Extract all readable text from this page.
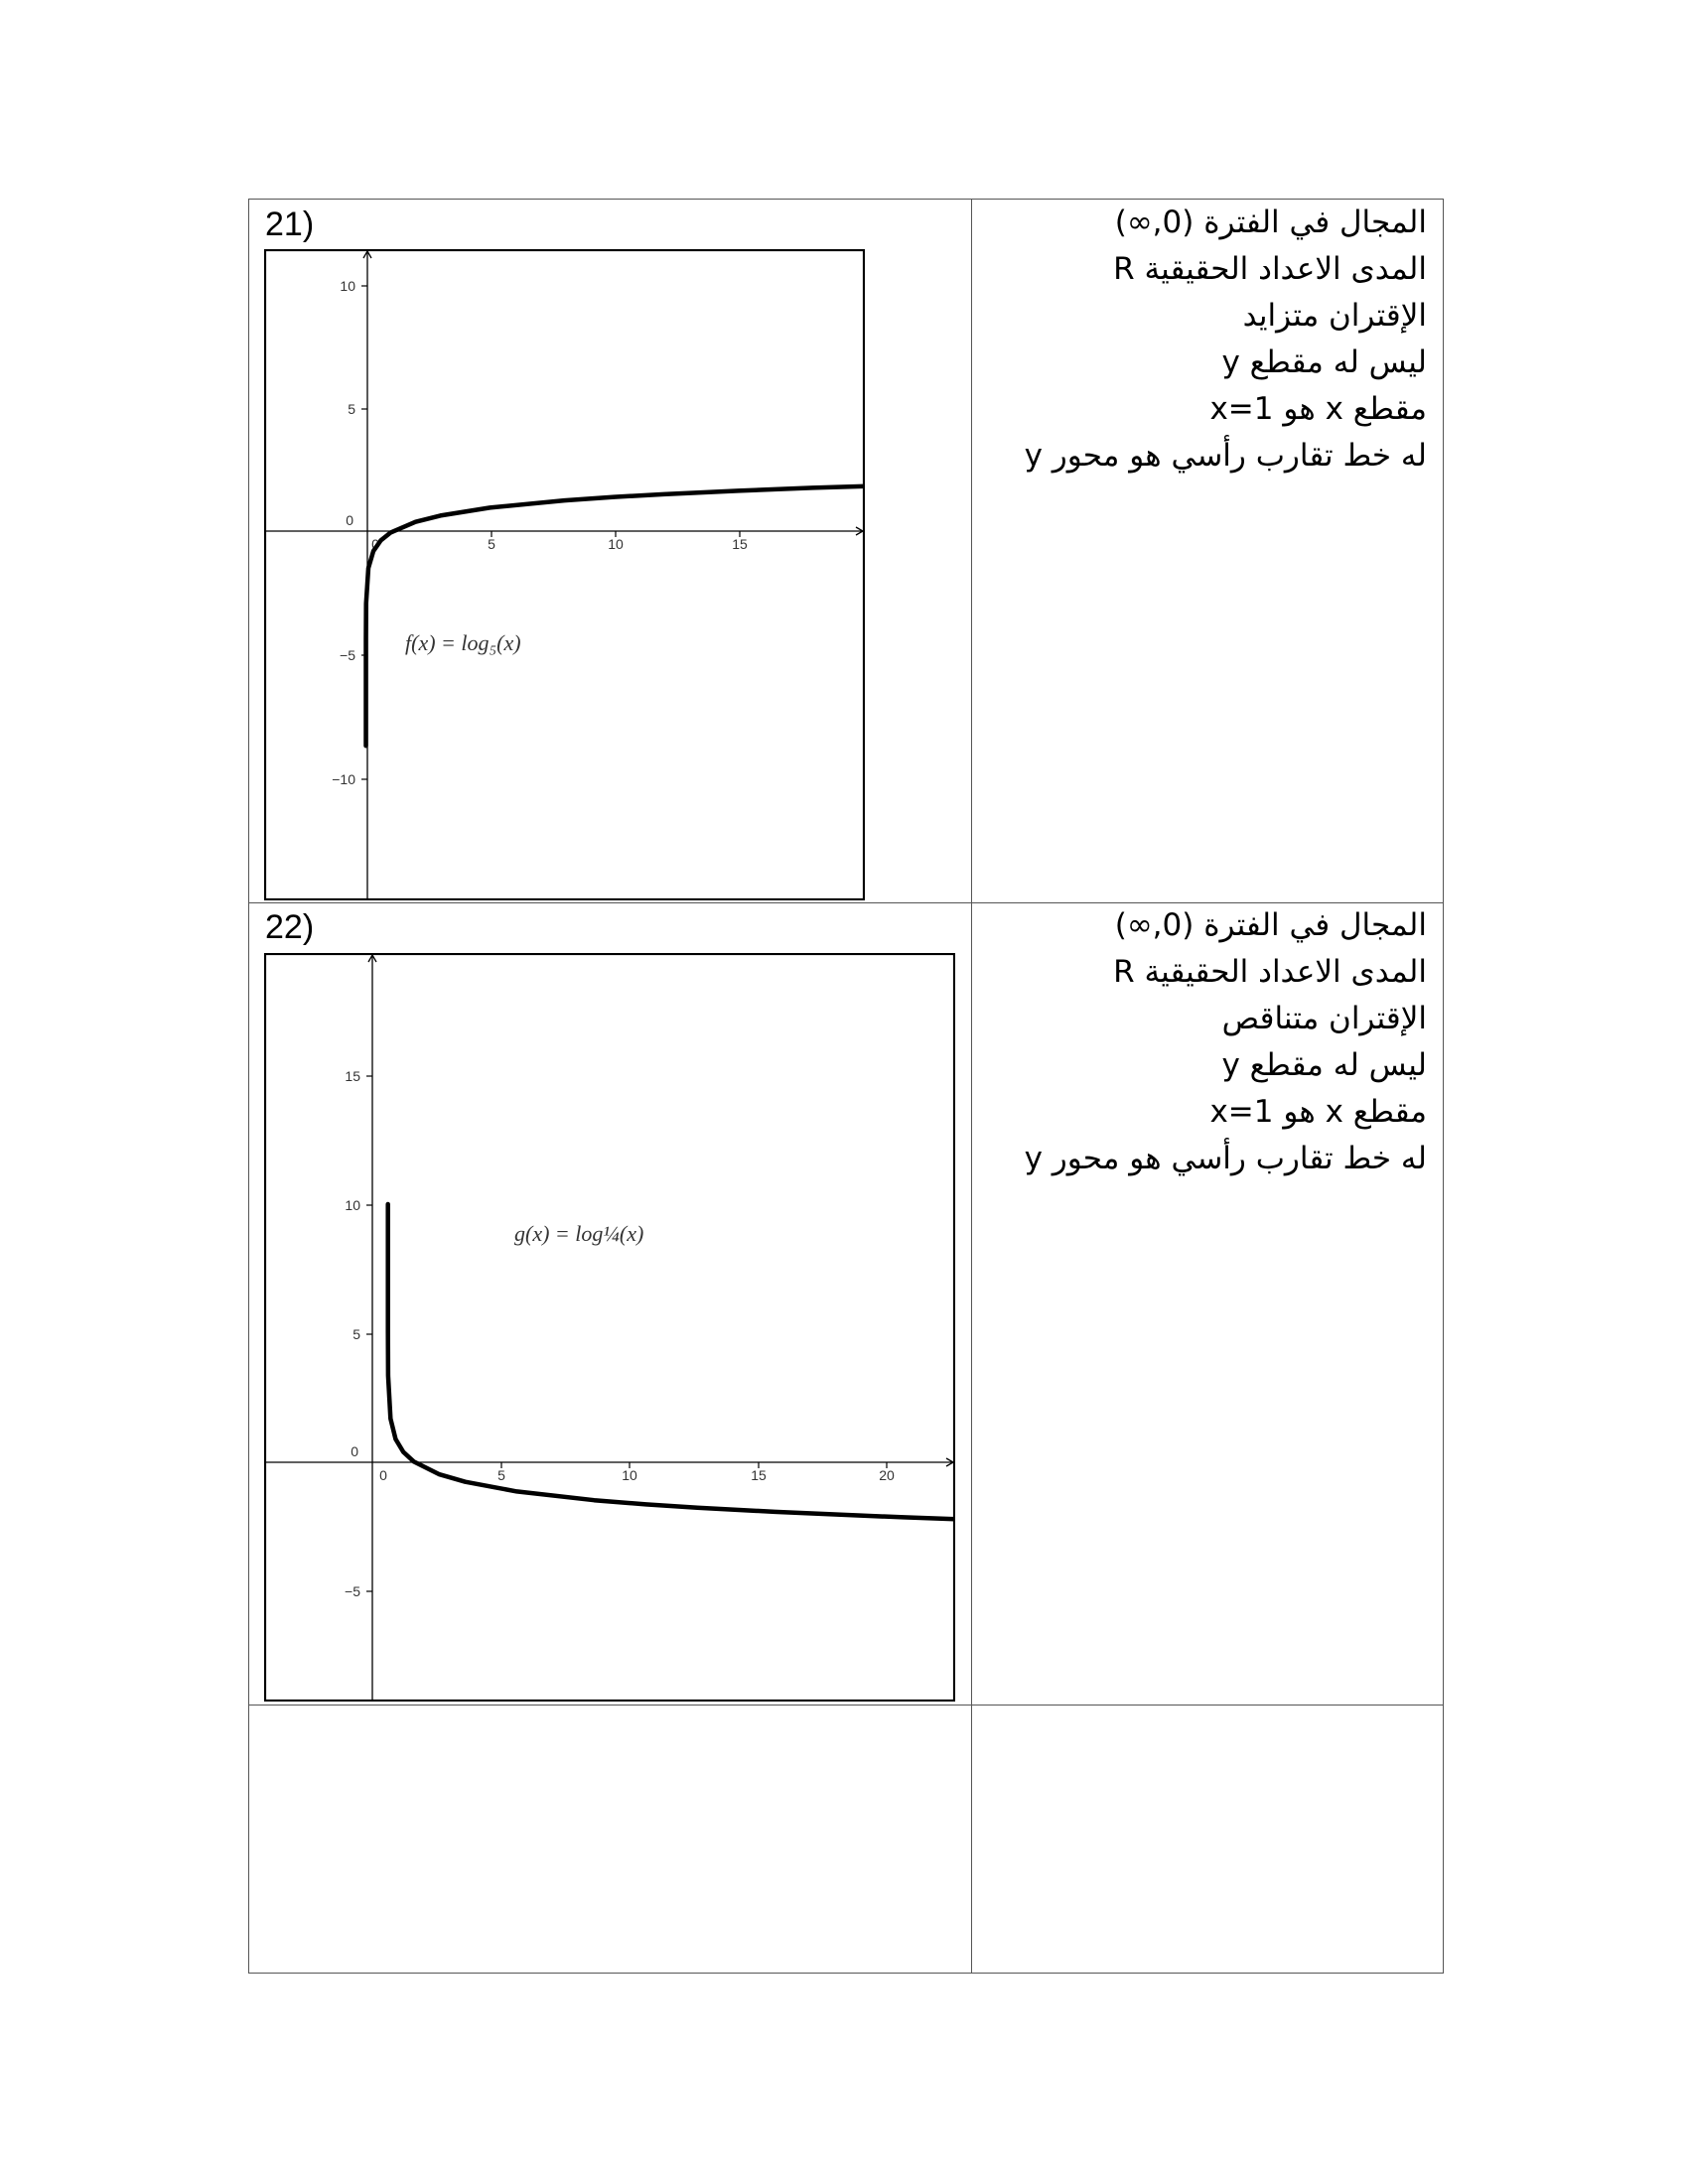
21)
10
5
0
−5
−10
0	5	10	15
f(x) = log₅(x)
المجال في الفترة (0,∞)
المدى الاعداد الحقيقية R
الإقتران متزايد
ليس له مقطع y
مقطع x هو x=1
له خط تقارب رأسي هو محور y
22)
15
10
5
0
−5
0	5	10	15	20
g(x) = log¼(x)
المجال في الفترة (0,∞)
المدى الاعداد الحقيقية R
الإقتران متناقص
ليس له مقطع y
مقطع x هو x=1
له خط تقارب رأسي هو محور y
